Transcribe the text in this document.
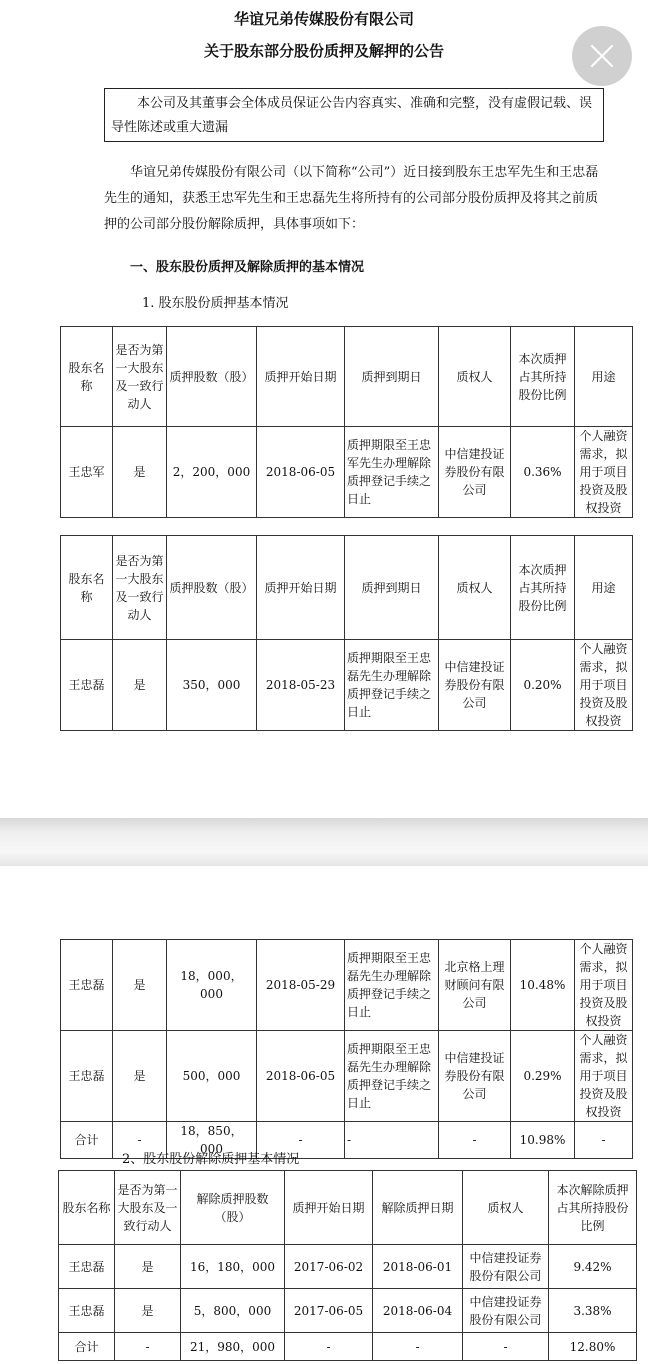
华谊兄弟传媒股份有限公司
关于股东部分股份质押及解押的公告
本公司及其董事会全体成员保证公告内容真实、准确和完整，没有虚假记载、误导性陈述或重大遗漏
华谊兄弟传媒股份有限公司（以下简称“公司”）近日接到股东王忠军先生和王忠磊先生的通知，获悉王忠军先生和王忠磊先生将所持有的公司部分股份质押及将其之前质押的公司部分股份解除质押，具体事项如下：
一、股东股份质押及解除质押的基本情况
1. 股东股份质押基本情况
股东名称	是否为第一大股东及一致行动人	质押股数（股）	质押开始日期	质押到期日	质权人	本次质押占其所持股份比例	用途
王忠军	是	2，200，000	2018-06-05	质押期限至王忠军先生办理解除质押登记手续之日止	中信建投证券股份有限公司	0.36%	个人融资需求，拟用于项目投资及股权投资
股东名称	是否为第一大股东及一致行动人	质押股数（股）	质押开始日期	质押到期日	质权人	本次质押占其所持股份比例	用途
王忠磊	是	350，000	2018-05-23	质押期限至王忠磊先生办理解除质押登记手续之日止	中信建投证券股份有限公司	0.20%	个人融资需求，拟用于项目投资及股权投资
王忠磊	是	18，000，000	2018-05-29	质押期限至王忠磊先生办理解除质押登记手续之日止	北京格上理财顾问有限公司	10.48%	个人融资需求，拟用于项目投资及股权投资
王忠磊	是	500，000	2018-06-05	质押期限至王忠磊先生办理解除质押登记手续之日止	中信建投证券股份有限公司	0.29%	个人融资需求，拟用于项目投资及股权投资
合计	-	18，850，000	-	-	-	10.98%	-
2、股东股份解除质押基本情况
股东名称	是否为第一大股东及一致行动人	解除质押股数（股）	质押开始日期	解除质押日期	质权人	本次解除质押占其所持股份比例
王忠磊	是	16，180，000	2017-06-02	2018-06-01	中信建投证券股份有限公司	9.42%
王忠磊	是	5，800，000	2017-06-05	2018-06-04	中信建投证券股份有限公司	3.38%
合计	-	21，980，000	-	-	-	12.80%
